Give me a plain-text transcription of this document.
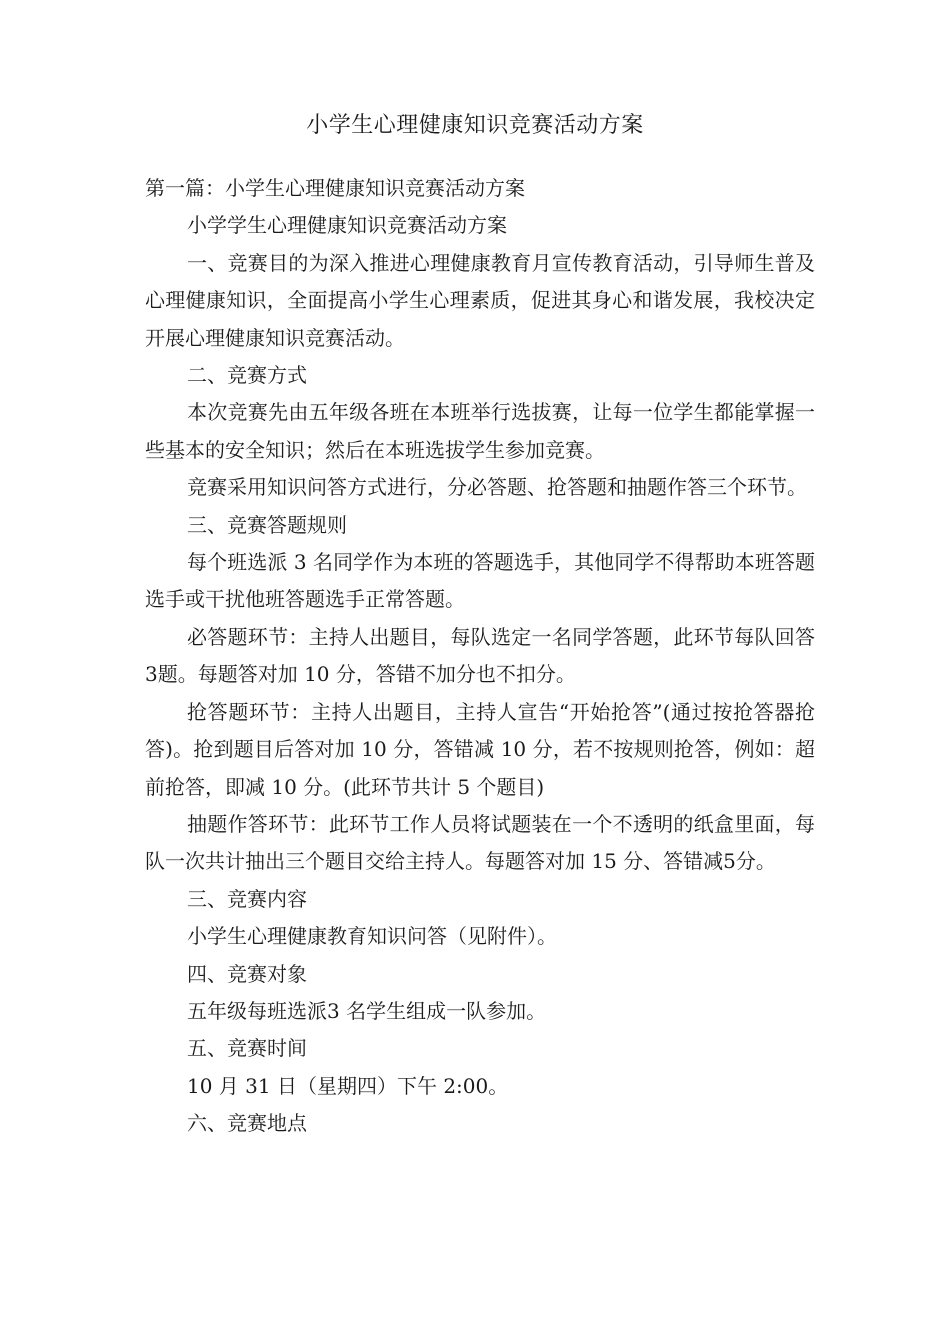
小学生心理健康知识竞赛活动方案

第一篇：小学生心理健康知识竞赛活动方案

小学学生心理健康知识竞赛活动方案

一、竞赛目的为深入推进心理健康教育月宣传教育活动，引导师生普及心理健康知识，全面提高小学生心理素质，促进其身心和谐发展，我校决定开展心理健康知识竞赛活动。

二、竞赛方式

本次竞赛先由五年级各班在本班举行选拔赛，让每一位学生都能掌握一些基本的安全知识；然后在本班选拔学生参加竞赛。

竞赛采用知识问答方式进行，分必答题、抢答题和抽题作答三个环节。

三、竞赛答题规则

每个班选派 3 名同学作为本班的答题选手，其他同学不得帮助本班答题选手或干扰他班答题选手正常答题。

必答题环节：主持人出题目，每队选定一名同学答题，此环节每队回答3题。每题答对加 10 分，答错不加分也不扣分。

抢答题环节：主持人出题目，主持人宣告“开始抢答”(通过按抢答器抢答)。抢到题目后答对加 10 分，答错减 10 分，若不按规则抢答，例如：超前抢答，即减 10 分。(此环节共计 5 个题目)

抽题作答环节：此环节工作人员将试题装在一个不透明的纸盒里面，每队一次共计抽出三个题目交给主持人。每题答对加 15 分、答错减5分。

三、竞赛内容

小学生心理健康教育知识问答（见附件）。

四、竞赛对象

五年级每班选派3 名学生组成一队参加。

五、竞赛时间

10 月 31 日（星期四）下午 2:00。

六、竞赛地点
